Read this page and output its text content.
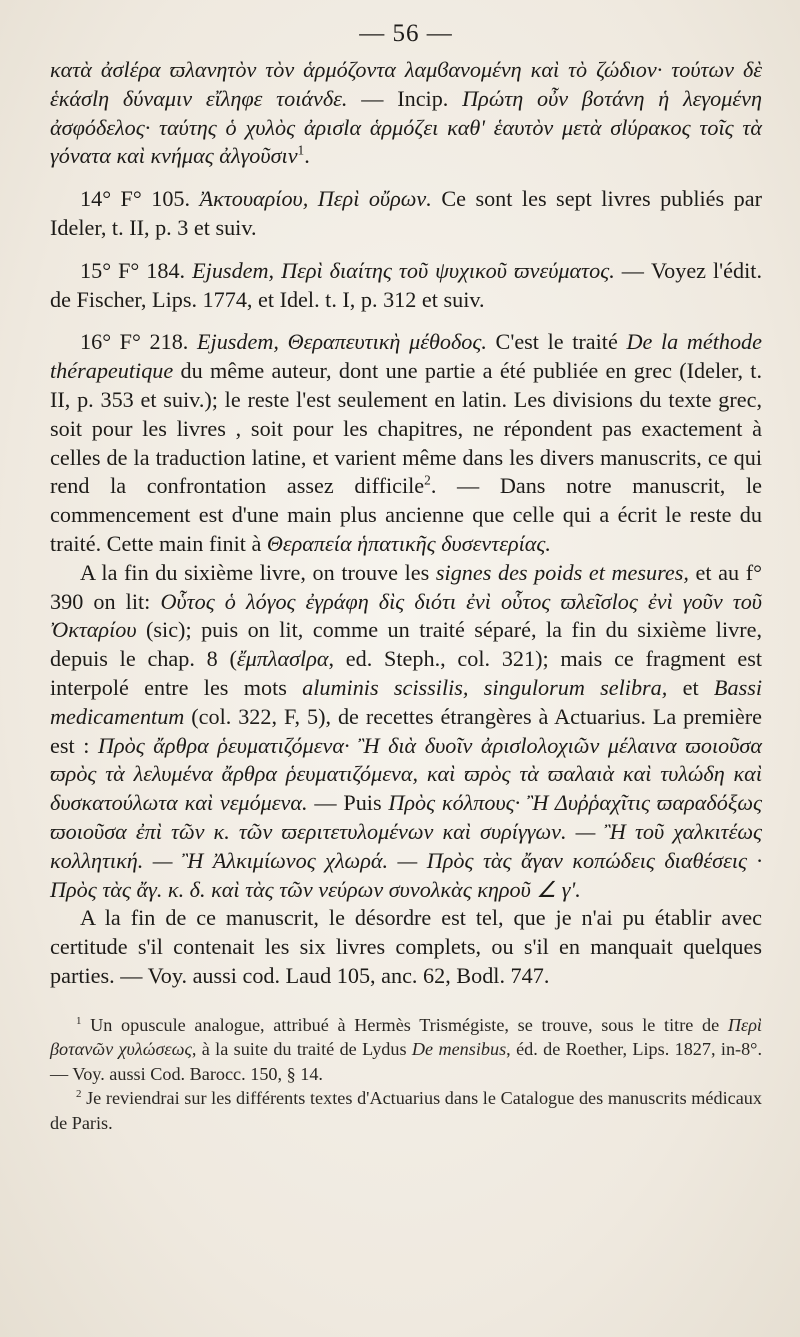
— 56 —

κατὰ ἀσlέρα ϖλανητὸν τὸν ἁρμόζοντα λαμϐανομένη καὶ τὸ ζώδιον· τούτων δὲ ἑκάσlη δύναμιν εἴληφε τοιάνδε. — Incip. Πρώτη οὖν βοτάνη ἡ λεγομένη ἀσφόδελος· ταύτης ὁ χυλὸς ἀρισlα ἁρμόζει καθ' ἑαυτὸν μετὰ σlύρακος τοῖς τὰ γόνατα καὶ κνήμας ἀλγοῦσιν$^1$.

14° F° 105. Ἀκτουαρίου, Περὶ οὔρων. Ce sont les sept livres publiés par Ideler, t. II, p. 3 et suiv.

15° F° 184. Ejusdem, Περὶ διαίτης τοῦ ψυχικοῦ ϖνεύματος. — Voyez l'édit. de Fischer, Lips. 1774, et Idel. t. I, p. 312 et suiv.

16° F° 218. Ejusdem, Θεραπευτικὴ μέθοδος. C'est le traité De la méthode thérapeutique du même auteur, dont une partie a été publiée en grec (Ideler, t. II, p. 353 et suiv.); le reste l'est seulement en latin. Les divisions du texte grec, soit pour les livres , soit pour les chapitres, ne répondent pas exactement à celles de la traduction latine, et varient même dans les divers manuscrits, ce qui rend la confrontation assez difficile$^2$. — Dans notre manuscrit, le commencement est d'une main plus ancienne que celle qui a écrit le reste du traité. Cette main finit à Θεραπεία ἡπατικῆς δυσεντερίας.

A la fin du sixième livre, on trouve les signes des poids et mesures, et au f° 390 on lit: Οὗτος ὁ λόγος ἐγράφη δὶς διότι ἐνὶ οὗτος ϖλεῖσlος ἐνὶ γοῦν τοῦ Ὀκταρίου (sic); puis on lit, comme un traité séparé, la fin du sixième livre, depuis le chap. 8 (ἔμπλασlρα, ed. Steph., col. 321); mais ce fragment est interpolé entre les mots aluminis scissilis, singulorum selibra, et Bassi medicamentum (col. 322, F, 5), de recettes étrangères à Actuarius. La première est : Πρὸς ἄρθρα ῥευματιζόμενα· Ἢ διὰ δυοῖν ἀρισlολοχιῶν μέλαινα ϖοιοῦσα ϖρὸς τὰ λελυμένα ἄρθρα ῥευματιζόμενα, καὶ ϖρὸς τὰ ϖαλαιὰ καὶ τυλώδη καὶ δυσκατούλωτα καὶ νεμόμενα. — Puis Πρὸς κόλπους· Ἢ Δυῤῥαχῖτις ϖαραδόξως ϖοιοῦσα ἐπὶ τῶν κ. τῶν ϖεριτετυλομένων καὶ συρίγγων. — Ἢ τοῦ χαλκιτέως κολλητική. — Ἢ Ἀλκιμίωνος χλωρά. — Πρὸς τὰς ἄγαν κοπώδεις διαθέσεις · Πρὸς τὰς ἄγ. κ. δ. καὶ τὰς τῶν νεύρων συνολκὰς κηροῦ ∠ γ'.

A la fin de ce manuscrit, le désordre est tel, que je n'ai pu établir avec certitude s'il contenait les six livres complets, ou s'il en manquait quelques parties. — Voy. aussi cod. Laud 105, anc. 62, Bodl. 747.

$^1$ Un opuscule analogue, attribué à Hermès Trismégiste, se trouve, sous le titre de Περὶ βοτανῶν χυλώσεως, à la suite du traité de Lydus De mensibus, éd. de Roether, Lips. 1827, in-8°. — Voy. aussi Cod. Barocc. 150, § 14.

$^2$ Je reviendrai sur les différents textes d'Actuarius dans le Catalogue des manuscrits médicaux de Paris.
